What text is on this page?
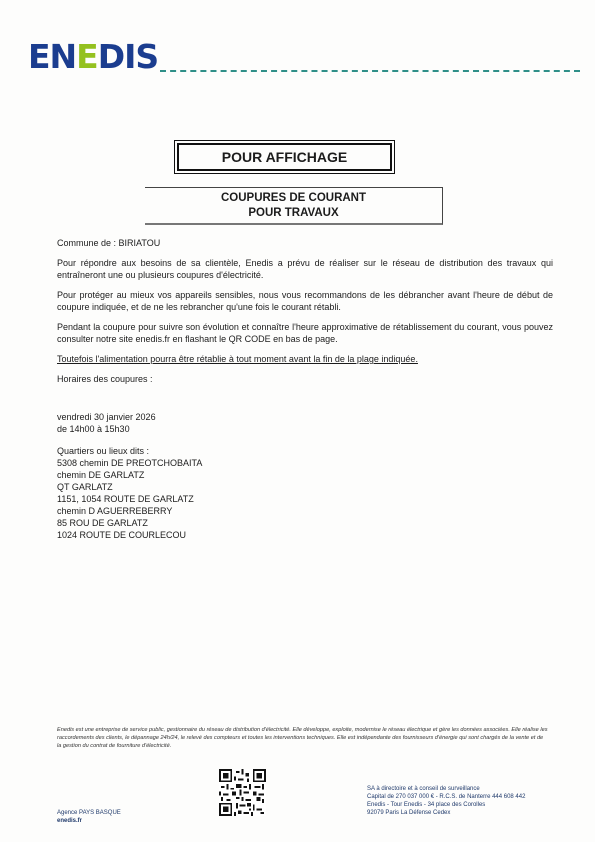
ENEDIS
POUR AFFICHAGE
COUPURES DE COURANT
POUR TRAVAUX

Commune de : BIRIATOU

Pour répondre aux besoins de sa clientèle, Enedis a prévu de réaliser sur le réseau de distribution des travaux qui entraîneront une ou plusieurs coupures d'électricité.

Pour protéger au mieux vos appareils sensibles, nous vous recommandons de les débrancher avant l'heure de début de coupure indiquée, et de ne les rebrancher qu'une fois le courant rétabli.

Pendant la coupure pour suivre son évolution et connaître l'heure approximative de rétablissement du courant, vous pouvez consulter notre site enedis.fr en flashant le QR CODE en bas de page.

Toutefois l'alimentation pourra être rétablie à tout moment avant la fin de la plage indiquée.

Horaires des coupures :

vendredi 30 janvier 2026
de 14h00 à 15h30
Quartiers ou lieux dits :
5308 chemin DE PREOTCHOBAITA
chemin DE GARLATZ
QT GARLATZ
1151, 1054 ROUTE DE GARLATZ
chemin D AGUERREBERRY
85 ROU DE GARLATZ
1024 ROUTE DE COURLECOU
Enedis est une entreprise de service public, gestionnaire du réseau de distribution d'électricité. Elle développe, exploite, modernise le réseau électrique et gère les données associées. Elle réalise les raccordements des clients, le dépannage 24h/24, le relevé des compteurs et toutes les interventions techniques. Elle est indépendante des fournisseurs d'énergie qui sont chargés de la vente et de la gestion du contrat de fourniture d'électricité.
Agence PAYS BASQUE
enedis.fr
SA à directoire et à conseil de surveillance
Capital de 270 037 000 € - R.C.S. de Nanterre 444 608 442
Enedis - Tour Enedis - 34 place des Corolles
92079 Paris La Défense Cedex
